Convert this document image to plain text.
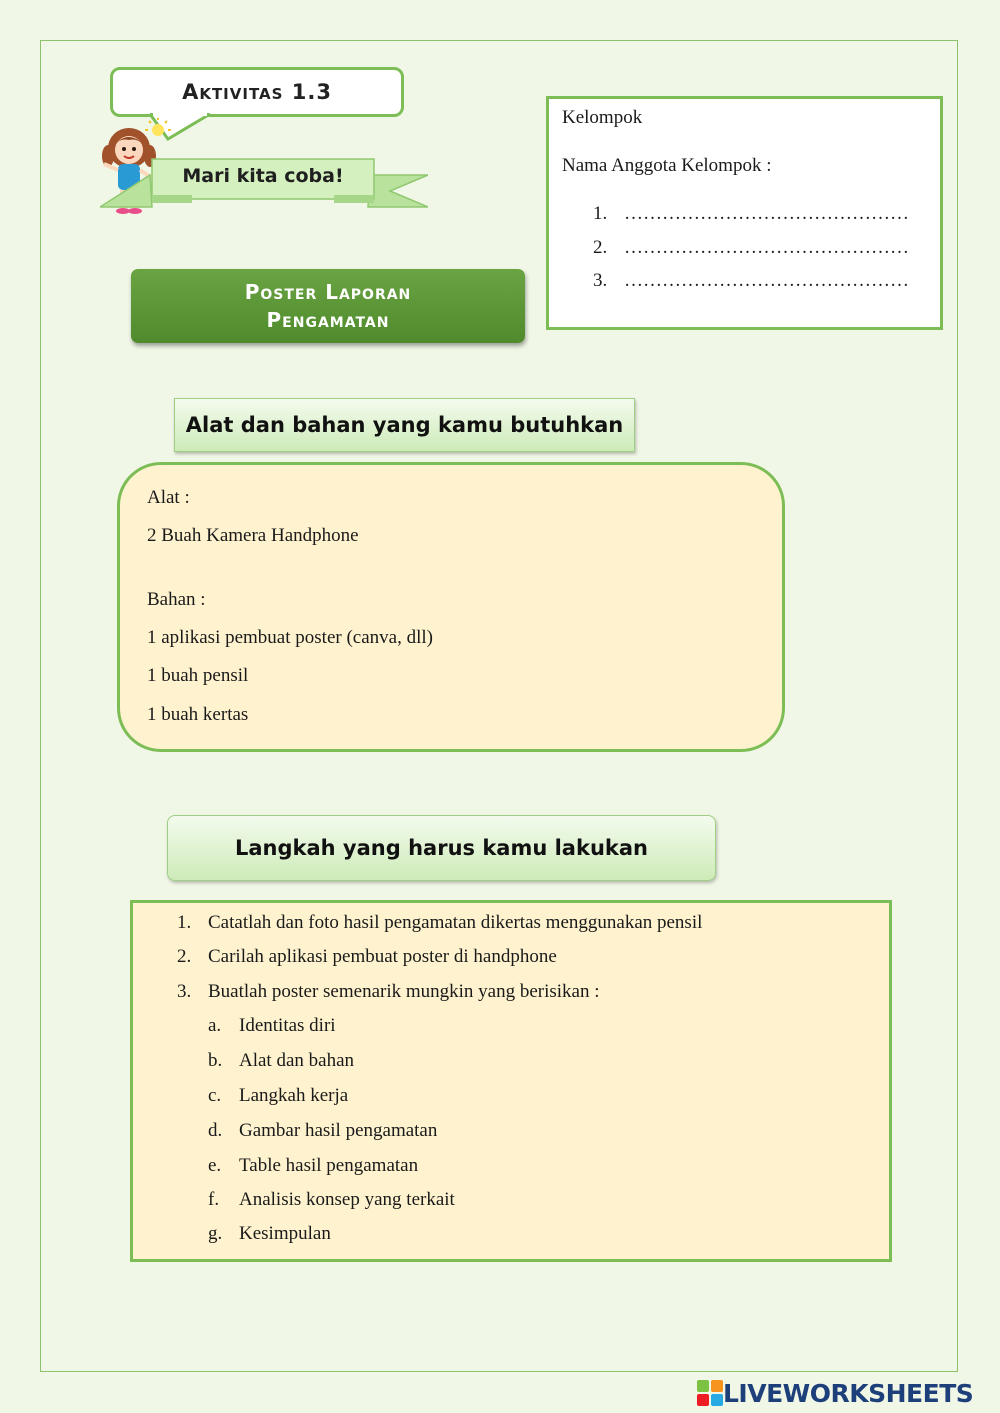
Aktivitas 1.3
Mari kita coba!
Poster Laporan
Pengamatan
Kelompok
Nama Anggota Kelompok :
1. ………………………………………
2. ………………………………………
3. ………………………………………
Alat dan bahan yang kamu butuhkan
Alat :
2 Buah Kamera Handphone
Bahan :
1 aplikasi pembuat poster (canva, dll)
1 buah pensil
1 buah kertas
Langkah yang harus kamu lakukan
1. Catatlah dan foto hasil pengamatan dikertas menggunakan pensil
2. Carilah aplikasi pembuat poster di handphone
3. Buatlah poster semenarik mungkin yang berisikan :
a. Identitas diri
b. Alat dan bahan
c. Langkah kerja
d. Gambar hasil pengamatan
e. Table hasil pengamatan
f. Analisis konsep yang terkait
g. Kesimpulan
LIVEWORKSHEETS
